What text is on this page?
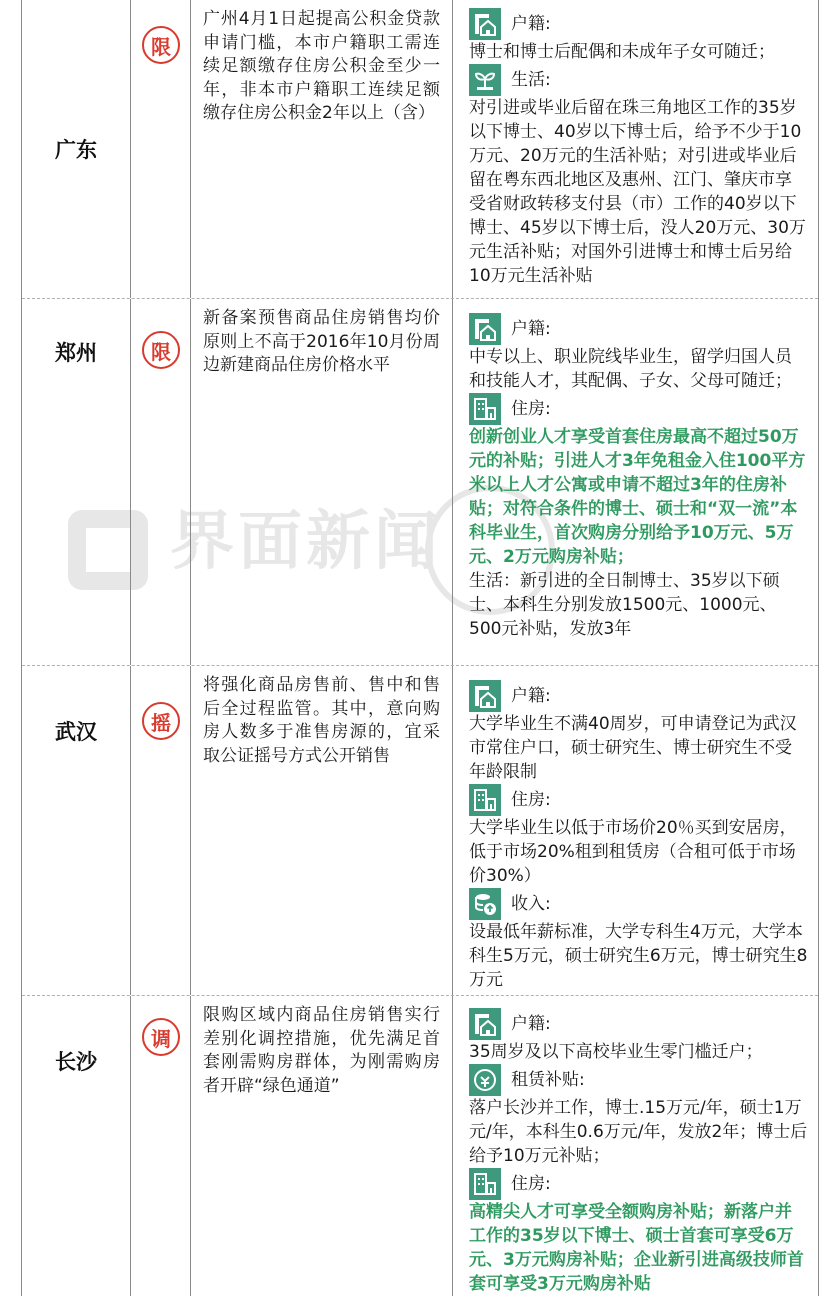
界面新闻
广东
限
广州4月1日起提高公积金贷款申请门槛，本市户籍职工需连续足额缴存住房公积金至少一年，非本市户籍职工连续足额缴存住房公积金2年以上（含）
户籍:
博士和博士后配偶和未成年子女可随迁；
生活:
对引进或毕业后留在珠三角地区工作的35岁以下博士、40岁以下博士后，给予不少于10万元、20万元的生活补贴；对引进或毕业后留在粤东西北地区及惠州、江门、肇庆市享受省财政转移支付县（市）工作的40岁以下博士、45岁以下博士后，没人20万元、30万元生活补贴；对国外引进博士和博士后另给10万元生活补贴
郑州	限
新备案预售商品住房销售均价原则上不高于2016年10月份周边新建商品住房价格水平
户籍:
中专以上、职业院线毕业生，留学归国人员和技能人才，其配偶、子女、父母可随迁；
住房:
创新创业人才享受首套住房最高不超过50万元的补贴；引进人才3年免租金入住100平方米以上人才公寓或申请不超过3年的住房补贴；对符合条件的博士、硕士和“双一流”本科毕业生，首次购房分别给予10万元、5万元、2万元购房补贴；
生活：新引进的全日制博士、35岁以下硕士、本科生分别发放1500元、1000元、500元补贴，发放3年
武汉	摇
将强化商品房售前、售中和售后全过程监管。其中，意向购房人数多于准售房源的，宜采取公证摇号方式公开销售
户籍:
大学毕业生不满40周岁，可申请登记为武汉市常住户口，硕士研究生、博士研究生不受年龄限制
住房:
大学毕业生以低于市场价20％买到安居房，低于市场20%租到租赁房（合租可低于市场价30%）
收入:
设最低年薪标准，大学专科生4万元，大学本科生5万元，硕士研究生6万元，博士研究生8万元
长沙
调
限购区域内商品住房销售实行差别化调控措施，优先满足首套刚需购房群体，为刚需购房者开辟“绿色通道”
户籍:
35周岁及以下高校毕业生零门槛迁户；
租赁补贴:
落户长沙并工作，博士.15万元/年，硕士1万元/年，本科生0.6万元/年，发放2年；博士后给予10万元补贴；
住房:
高精尖人才可享受全额购房补贴；新落户并工作的35岁以下博士、硕士首套可享受6万元、3万元购房补贴；企业新引进高级技师首套可享受3万元购房补贴
